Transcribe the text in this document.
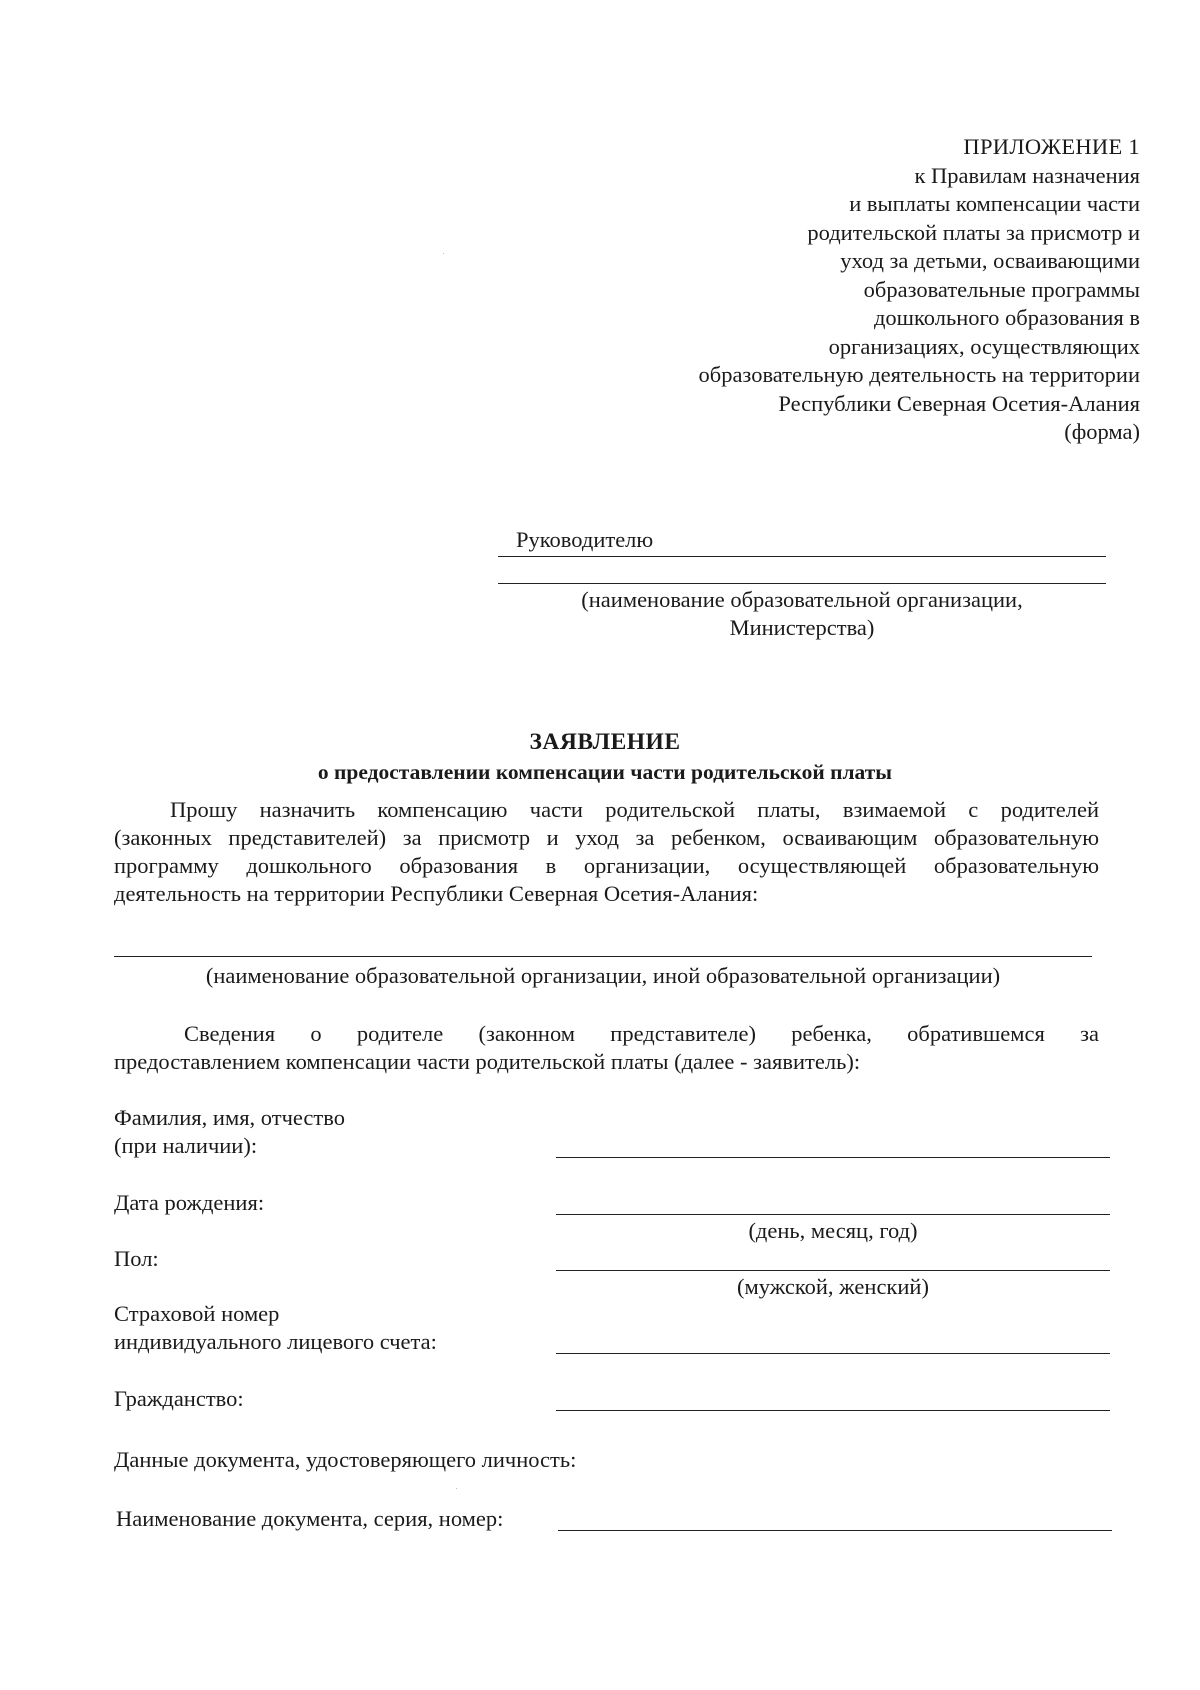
ПРИЛОЖЕНИЕ 1
к Правилам назначения
и выплаты компенсации части
родительской платы за присмотр и
уход за детьми, осваивающими
образовательные программы
дошкольного образования в
организациях, осуществляющих
образовательную деятельность на территории
Республики Северная Осетия-Алания
(форма)
Руководителю
(наименование образовательной организации,
Министерства)
ЗАЯВЛЕНИЕ
о предоставлении компенсации части родительской платы
Прошу назначить компенсацию части родительской платы, взимаемой с родителей
(законных представителей) за присмотр и уход за ребенком, осваивающим образовательную
программу дошкольного образования в организации, осуществляющей образовательную
деятельность на территории Республики Северная Осетия-Алания:
(наименование образовательной организации, иной образовательной организации)
Сведения о родителе (законном представителе) ребенка, обратившемся за
предоставлением компенсации части родительской платы (далее - заявитель):
Фамилия, имя, отчество
(при наличии):
Дата рождения:
(день, месяц, год)
Пол:
(мужской, женский)
Страховой номер
индивидуального лицевого счета:
Гражданство:
Данные документа, удостоверяющего личность:
Наименование документа, серия, номер:
